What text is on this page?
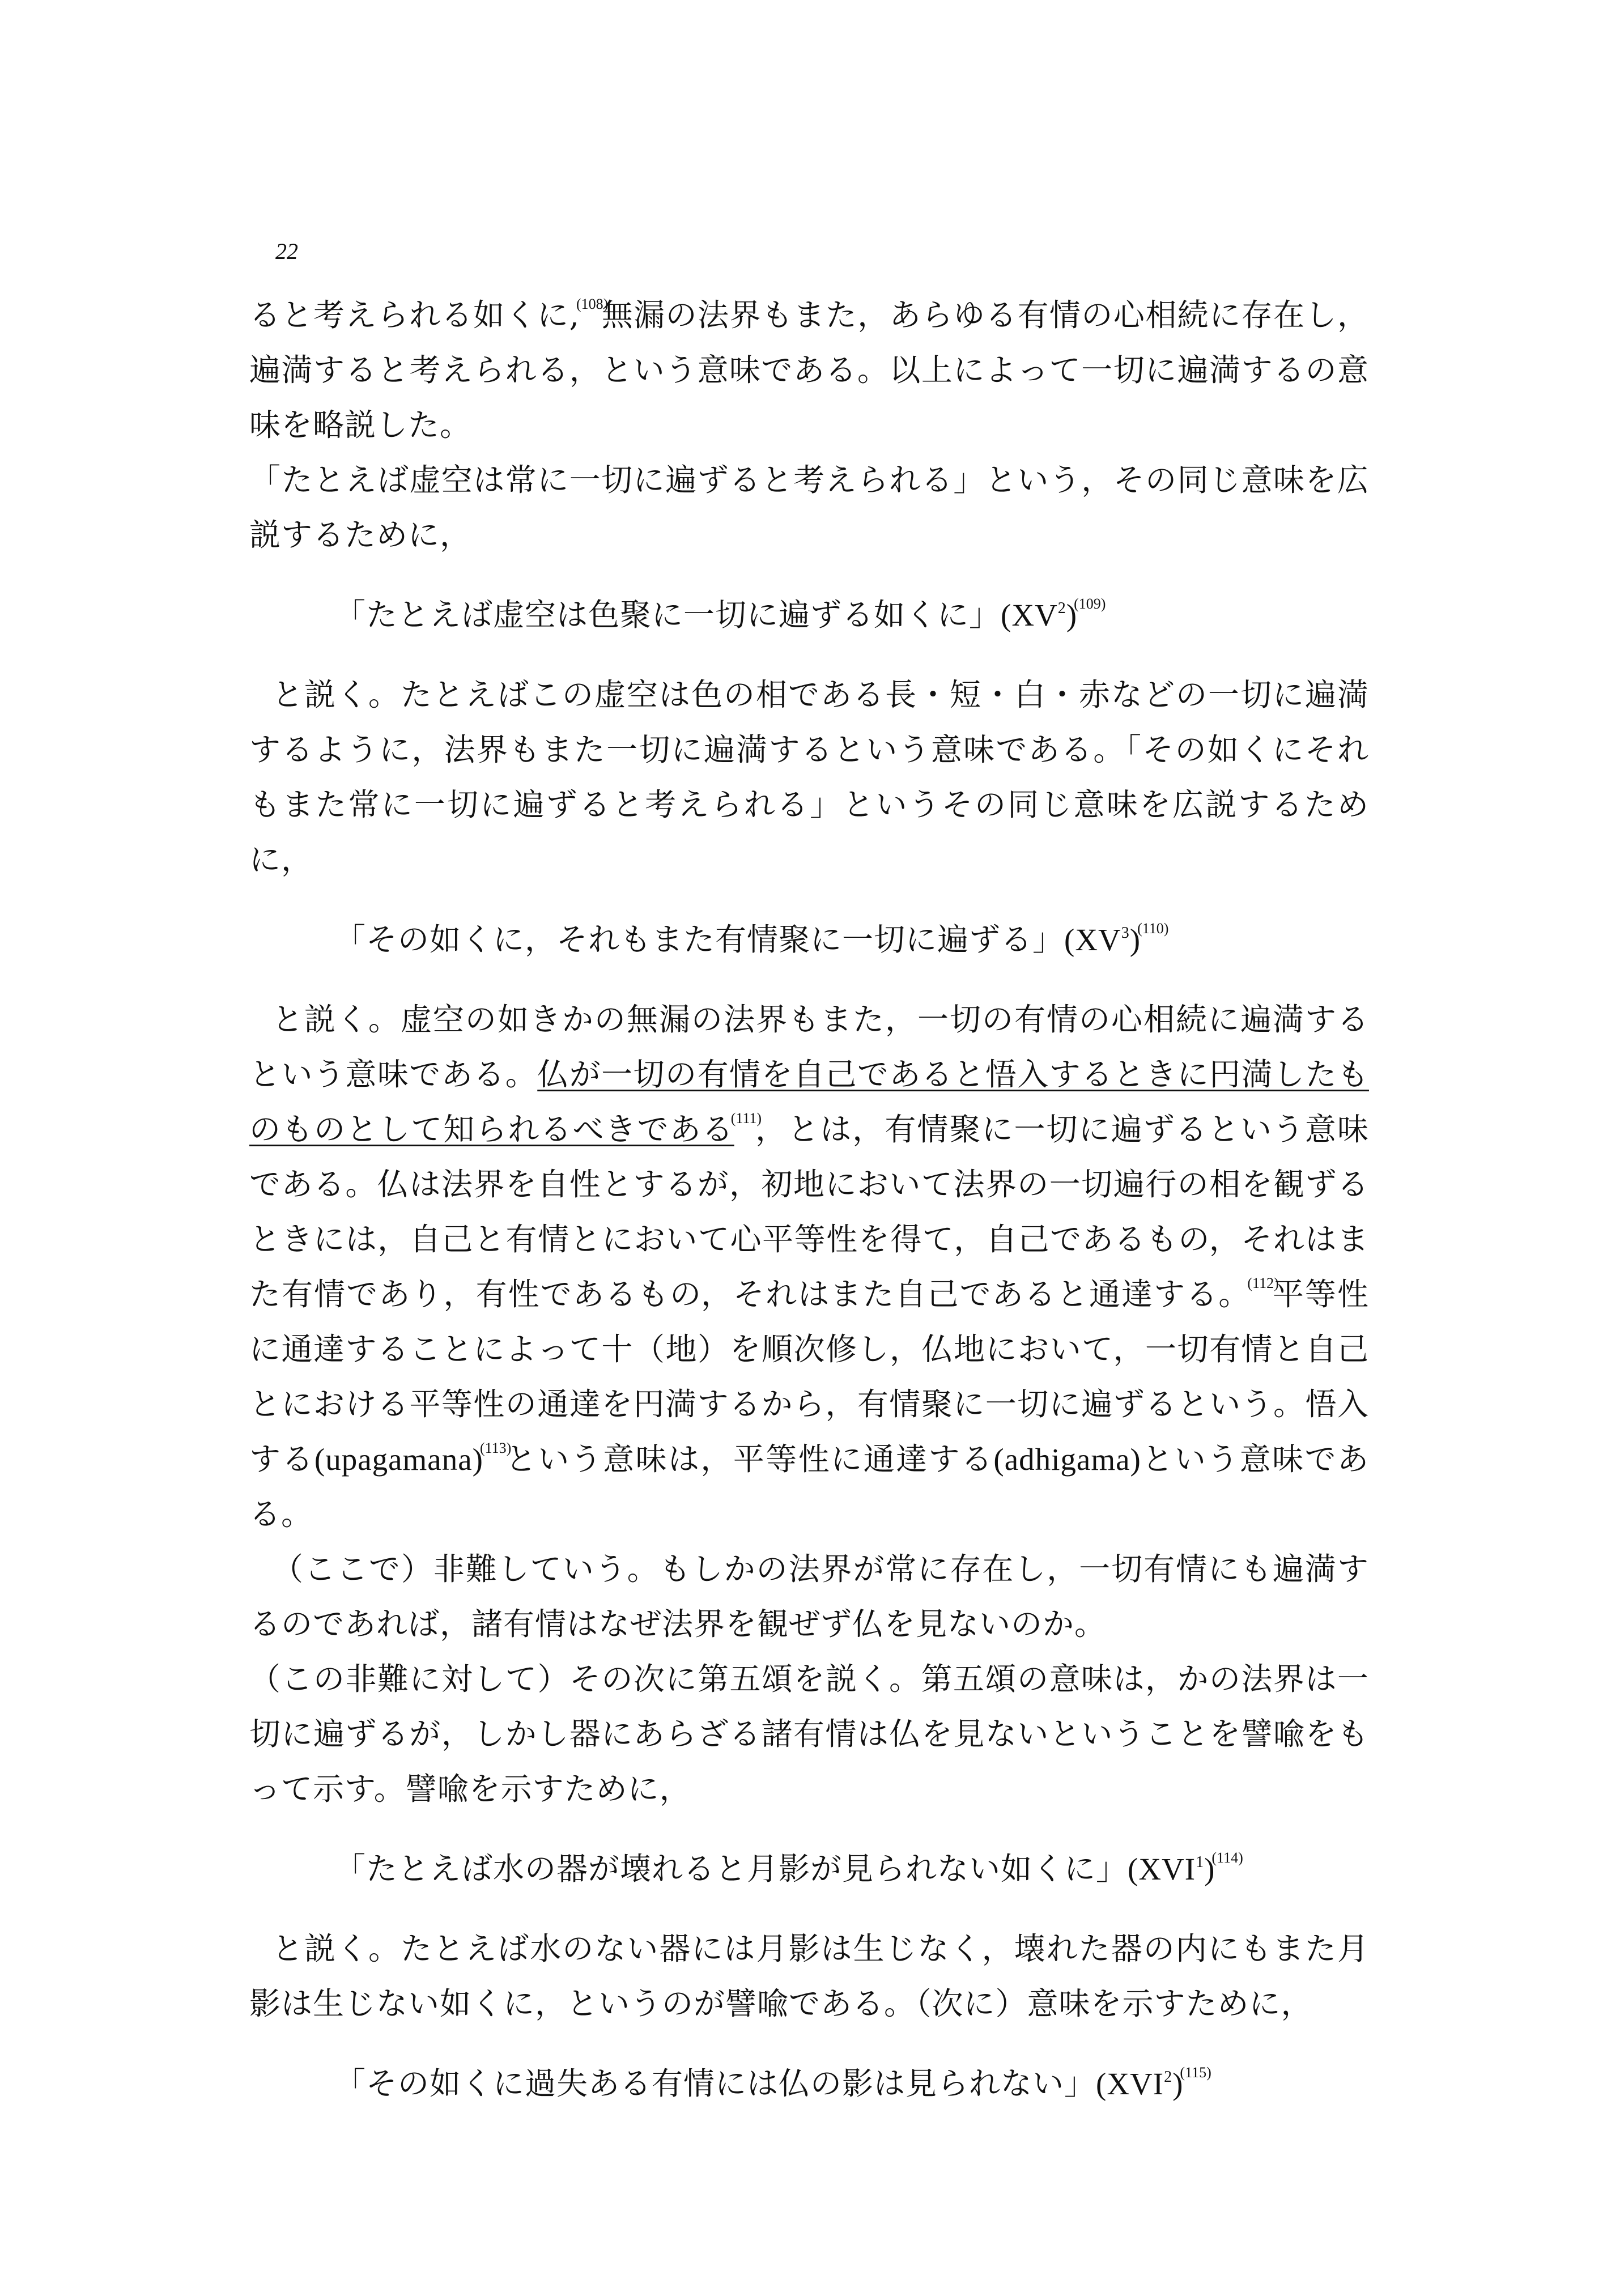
22

ると考えられる如くに,$^{(108)}$無漏の法界もまた，あらゆる有情の心相続に存在し，遍満すると考えられる，という意味である。以上によって一切に遍満するの意味を略説した。

「たとえば虚空は常に一切に遍ずると考えられる」という，その同じ意味を広説するために，

「たとえば虚空は色聚に一切に遍ずる如くに」$(XV^2)^{(109)}$

と説く。たとえばこの虚空は色の相である長・短・白・赤などの一切に遍満するように，法界もまた一切に遍満するという意味である。「その如くにそれもまた常に一切に遍ずると考えられる」というその同じ意味を広説するために，

「その如くに，それもまた有情聚に一切に遍ずる」$(XV^3)^{(110)}$

と説く。虚空の如きかの無漏の法界もまた，一切の有情の心相続に遍満するという意味である。仏が一切の有情を自己であると悟入するときに円満したものものとして知られるべきである$^{(111)}$，とは，有情聚に一切に遍ずるという意味である。仏は法界を自性とするが，初地において法界の一切遍行の相を観ずるときには，自己と有情とにおいて心平等性を得て，自己であるもの，それはまた有情であり，有性であるもの，それはまた自己であると通達する。$^{(112)}$平等性に通達することによって十（地）を順次修し，仏地において，一切有情と自己とにおける平等性の通達を円満するから，有情聚に一切に遍ずるという。悟入する(upagamana)$^{(113)}$という意味は，平等性に通達する(adhigama)という意味である。

（ここで）非難していう。もしかの法界が常に存在し，一切有情にも遍満するのであれば，諸有情はなぜ法界を観ぜず仏を見ないのか。

（この非難に対して）その次に第五頌を説く。第五頌の意味は，かの法界は一切に遍ずるが，しかし器にあらざる諸有情は仏を見ないということを譬喩をもって示す。譬喩を示すために，

「たとえば水の器が壊れると月影が見られない如くに」(XVI$^1$)$^{(114)}$

と説く。たとえば水のない器には月影は生じなく，壊れた器の内にもまた月影は生じない如くに，というのが譬喩である。（次に）意味を示すために，

「その如くに過失ある有情には仏の影は見られない」(XVI$^2$)$^{(115)}$
